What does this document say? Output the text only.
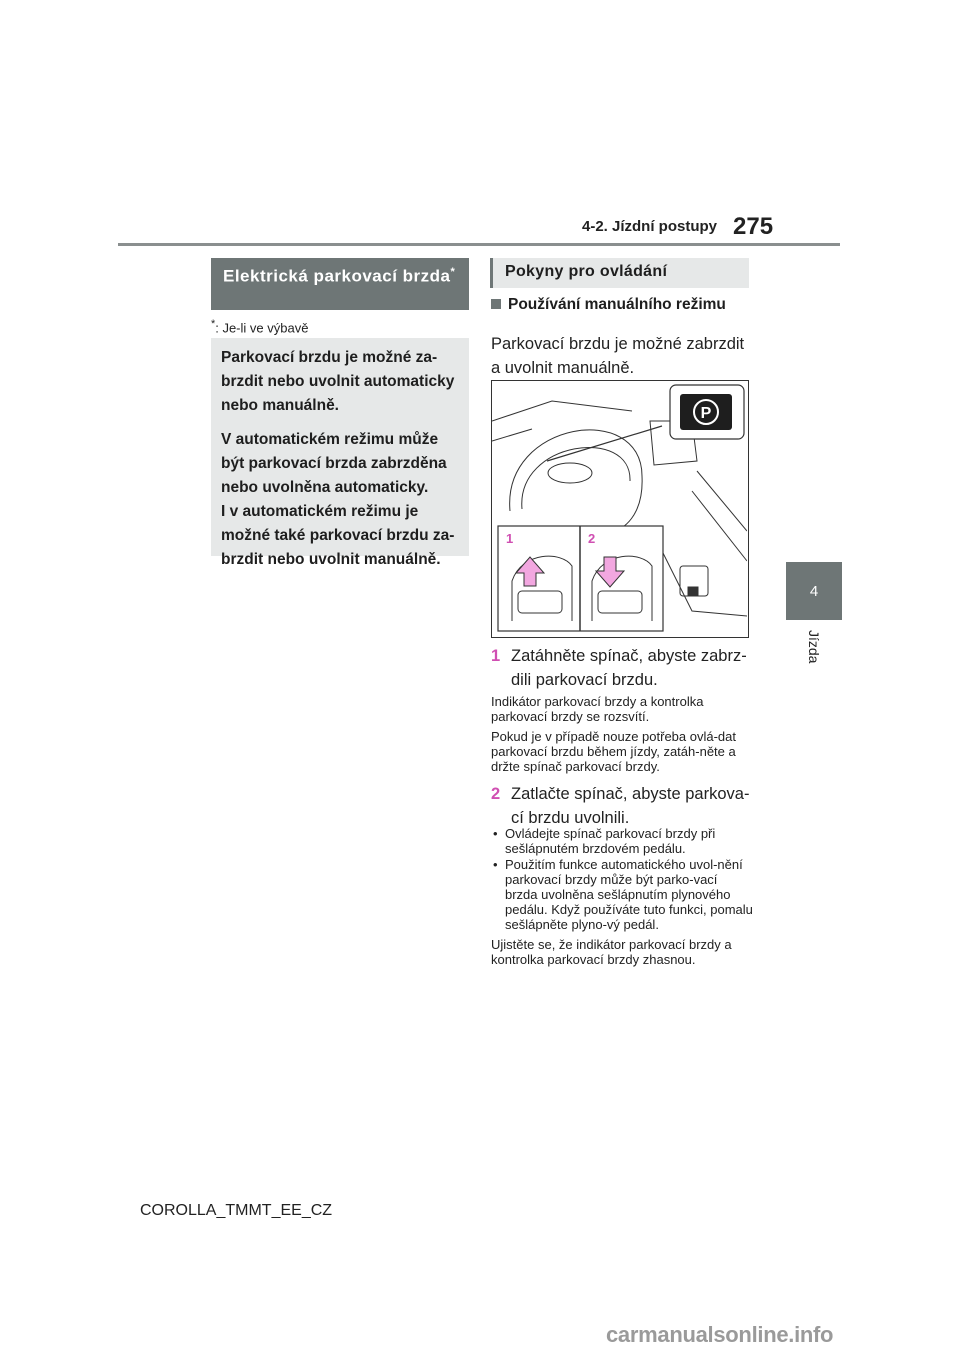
4-2. Jízdní postupy 275
4
Jízda
Elektrická parkovací brzda*
*: Je-li ve výbavě

Parkovací brzdu je možné za-brzdit nebo uvolnit automaticky nebo manuálně.

V automatickém režimu může být parkovací brzda zabrzděna nebo uvolněna automaticky.

I v automatickém režimu je možné také parkovací brzdu za-brzdit nebo uvolnit manuálně.

Pokyny pro ovládání
Používání manuálního režimu
Parkovací brzdu je možné zabrzdit a uvolnit manuálně.
1	2
P
1 Zatáhněte spínač, abyste zabrz-dili parkovací brzdu.

Indikátor parkovací brzdy a kontrolka parkovací brzdy se rozsvítí.

Pokud je v případě nouze potřeba ovlá-dat parkovací brzdu během jízdy, zatáh-něte a držte spínač parkovací brzdy.

2 Zatlačte spínač, abyste parkova-cí brzdu uvolnili.
• Ovládejte spínač parkovací brzdy při sešlápnutém brzdovém pedálu.
• Použitím funkce automatického uvol-nění parkovací brzdy může být parko-vací brzda uvolněna sešlápnutím plynového pedálu. Když používáte tuto funkci, pomalu sešlápněte plyno-vý pedál.

Ujistěte se, že indikátor parkovací brzdy a kontrolka parkovací brzdy zhasnou.

COROLLA_TMMT_EE_CZ
carmanualsonline.info
